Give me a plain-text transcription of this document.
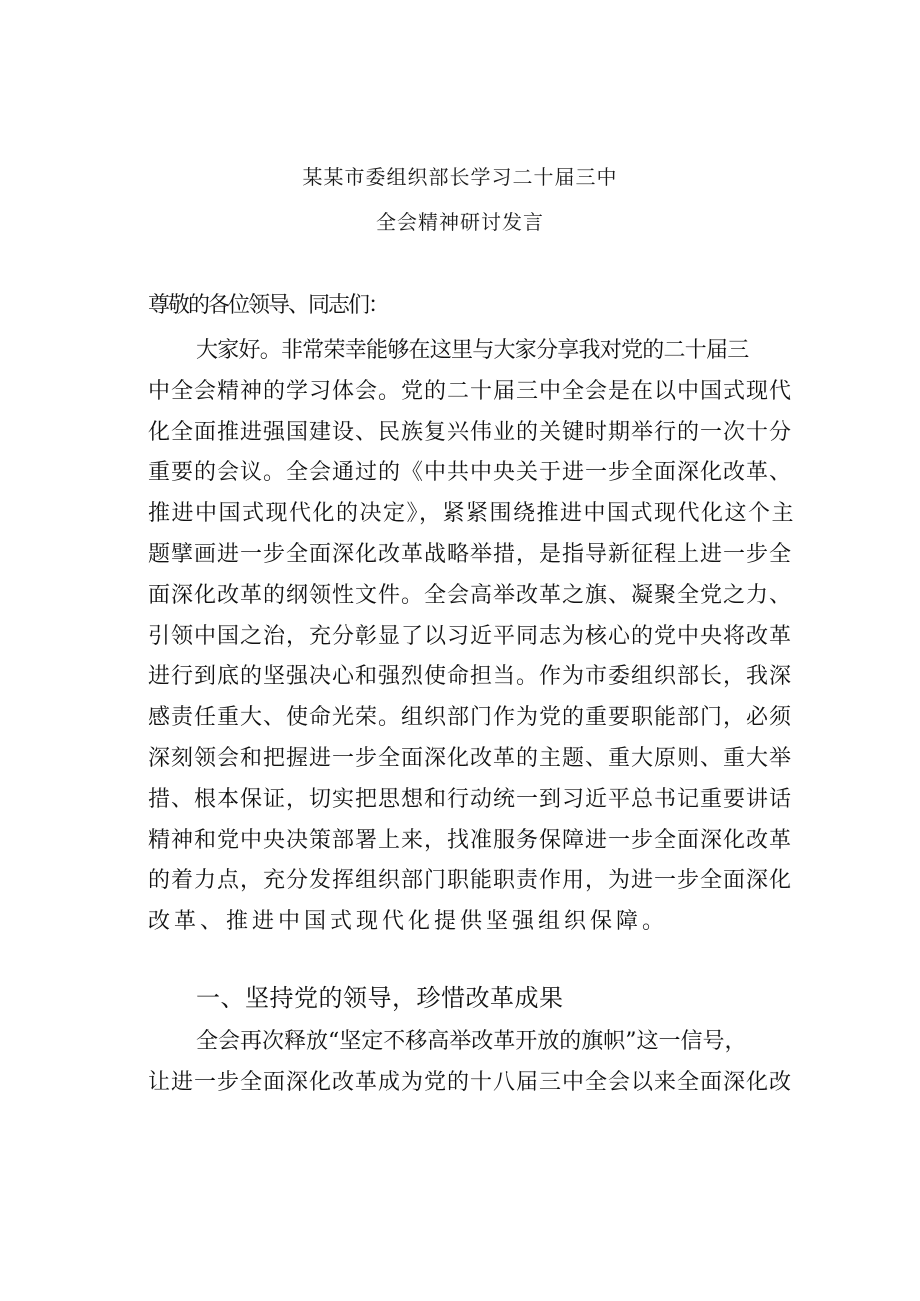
某某市委组织部长学习二十届三中
全会精神研讨发言
尊敬的各位领导、同志们：
大家好。非常荣幸能够在这里与大家分享我对党的二十届三
中全会精神的学习体会。党的二十届三中全会是在以中国式现代
化全面推进强国建设、民族复兴伟业的关键时期举行的一次十分
重要的会议。全会通过的《中共中央关于进一步全面深化改革、
推进中国式现代化的决定》，紧紧围绕推进中国式现代化这个主
题擘画进一步全面深化改革战略举措，是指导新征程上进一步全
面深化改革的纲领性文件。全会高举改革之旗、凝聚全党之力、
引领中国之治，充分彰显了以习近平同志为核心的党中央将改革
进行到底的坚强决心和强烈使命担当。作为市委组织部长，我深
感责任重大、使命光荣。组织部门作为党的重要职能部门，必须
深刻领会和把握进一步全面深化改革的主题、重大原则、重大举
措、根本保证，切实把思想和行动统一到习近平总书记重要讲话
精神和党中央决策部署上来，找准服务保障进一步全面深化改革
的着力点，充分发挥组织部门职能职责作用，为进一步全面深化
改革、推进中国式现代化提供坚强组织保障。
一、坚持党的领导，珍惜改革成果
全会再次释放“坚定不移高举改革开放的旗帜”这一信号，
让进一步全面深化改革成为党的十八届三中全会以来全面深化改
